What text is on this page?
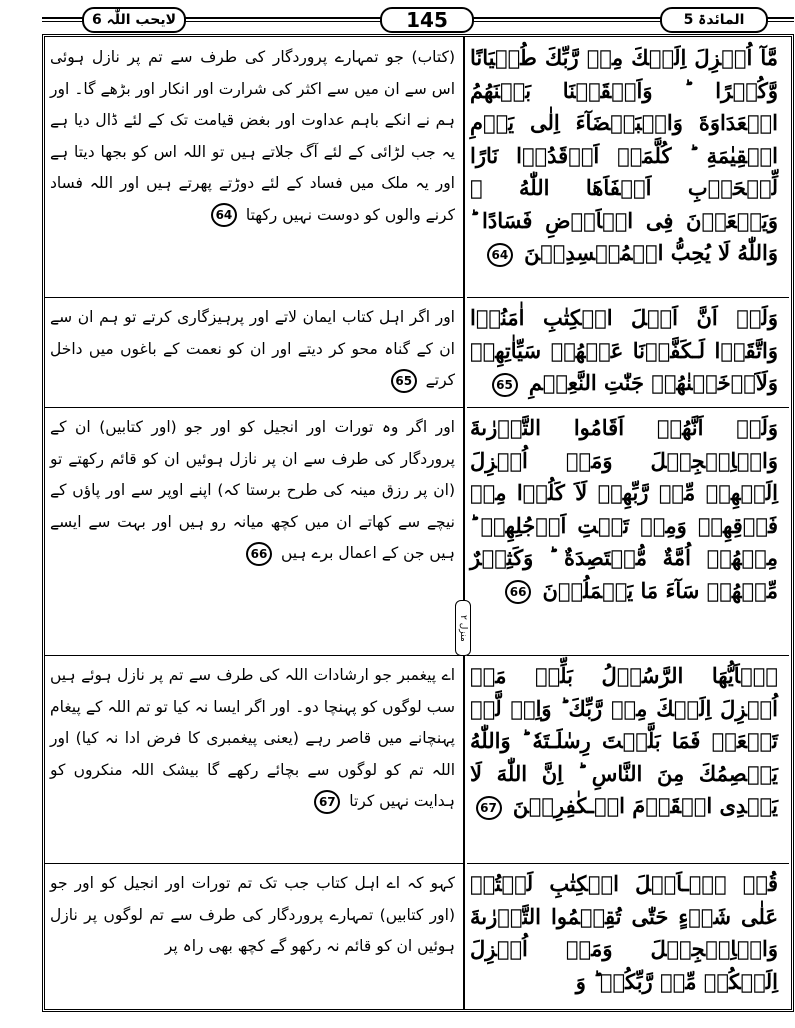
لایحب اللّٰہ 6	145	المائدۃ 5
منزل ۲
مَّآ اُنۡزِلَ اِلَيۡكَ مِنۡ رَّبِّكَ طُغۡيَانًا وَّكُفۡرًا‌ ؕ وَاَلۡقَيۡنَا بَيۡنَهُمُ الۡعَدَاوَةَ وَالۡبَغۡضَآءَ اِلٰى يَوۡمِ الۡقِيٰمَةِ‌ ؕ كُلَّمَاۤ اَوۡقَدُوۡا نَارًا لِّلۡحَرۡبِ اَطۡفَاَهَا اللّٰهُ‌ ۙ وَيَسۡعَوۡنَ فِى الۡاَرۡضِ فَسَادًا‌ ؕ وَاللّٰهُ لَا يُحِبُّ الۡمُفۡسِدِيۡنَ 64
وَلَوۡ اَنَّ اَهۡلَ الۡكِتٰبِ اٰمَنُوۡا وَاتَّقَوۡا لَـكَفَّرۡنَا عَنۡهُمۡ سَيِّاٰتِهِمۡ وَلَاَدۡخَلۡنٰهُمۡ جَنّٰتِ النَّعِيۡمِ 65
وَلَوۡ اَنَّهُمۡ اَقَامُوا التَّوۡرٰٮةَ وَالۡاِنۡجِيۡلَ وَمَاۤ اُنۡزِلَ اِلَيۡهِمۡ مِّنۡ رَّبِّهِمۡ لَاَ كَلُوۡا مِنۡ فَوۡقِهِمۡ وَمِنۡ تَحۡتِ اَرۡجُلِهِمۡ‌ ؕ مِنۡهُمۡ اُمَّةٌ مُّقۡتَصِدَةٌ‌ ؕ وَكَثِيۡرٌ مِّنۡهُمۡ سَآءَ مَا يَعۡمَلُوۡنَ 66
يٰۤاَيُّهَا الرَّسُوۡلُ بَلِّغۡ مَاۤ اُنۡزِلَ اِلَيۡكَ مِنۡ رَّبِّكَ‌ ؕ وَاِنۡ لَّمۡ تَفۡعَلۡ فَمَا بَلَّغۡتَ رِسٰلَـتَهٗ‌ ؕ وَاللّٰهُ يَعۡصِمُكَ مِنَ النَّاسِ‌ ؕ اِنَّ اللّٰهَ لَا يَهۡدِى الۡقَوۡمَ الۡـكٰفِرِيۡنَ 67
قُلۡ يٰۤـاَهۡلَ الۡكِتٰبِ لَسۡتُمۡ عَلٰى شَىۡءٍ حَتّٰى تُقِيۡمُوا التَّوۡرٰٮةَ وَالۡاِنۡجِيۡلَ وَمَاۤ اُنۡزِلَ اِلَيۡكُمۡ مِّنۡ رَّبِّكُمۡ‌ ؕ وَ
(کتاب) جو تمہارے پروردگار کی طرف سے تم پر نازل ہوئی اس سے ان میں سے اکثر کی شرارت اور انکار اور بڑھے گا۔ اور ہم نے انکے باہم عداوت اور بغض قیامت تک کے لئے ڈال دیا ہے یہ جب لڑائی کے لئے آگ جلاتے ہیں تو اللہ اس کو بجھا دیتا ہے اور یہ ملک میں فساد کے لئے دوڑتے پھرتے ہیں اور اللہ فساد کرنے والوں کو دوست نہیں رکھتا 64
اور اگر اہل کتاب ایمان لاتے اور پرہیزگاری کرتے تو ہم ان سے ان کے گناہ محو کر دیتے اور ان کو نعمت کے باغوں میں داخل کرتے 65
اور اگر وہ تورات اور انجیل کو اور جو (اور کتابیں) ان کے پروردگار کی طرف سے ان پر نازل ہوئیں ان کو قائم رکھتے تو (ان پر رزق مینہ کی طرح برستا کہ) اپنے اوپر سے اور پاؤں کے نیچے سے کھاتے ان میں کچھ میانہ رو ہیں اور بہت سے ایسے ہیں جن کے اعمال برے ہیں 66
اے پیغمبر جو ارشادات اللہ کی طرف سے تم پر نازل ہوئے ہیں سب لوگوں کو پہنچا دو۔ اور اگر ایسا نہ کیا تو تم اللہ کے پیغام پہنچانے میں قاصر رہے (یعنی پیغمبری کا فرض ادا نہ کیا) اور اللہ تم کو لوگوں سے بچائے رکھے گا بیشک اللہ منکروں کو ہدایت نہیں کرتا 67
کہو کہ اے اہل کتاب جب تک تم تورات اور انجیل کو اور جو (اور کتابیں) تمہارے پروردگار کی طرف سے تم لوگوں پر نازل ہوئیں ان کو قائم نہ رکھو گے کچھ بھی راہ پر
